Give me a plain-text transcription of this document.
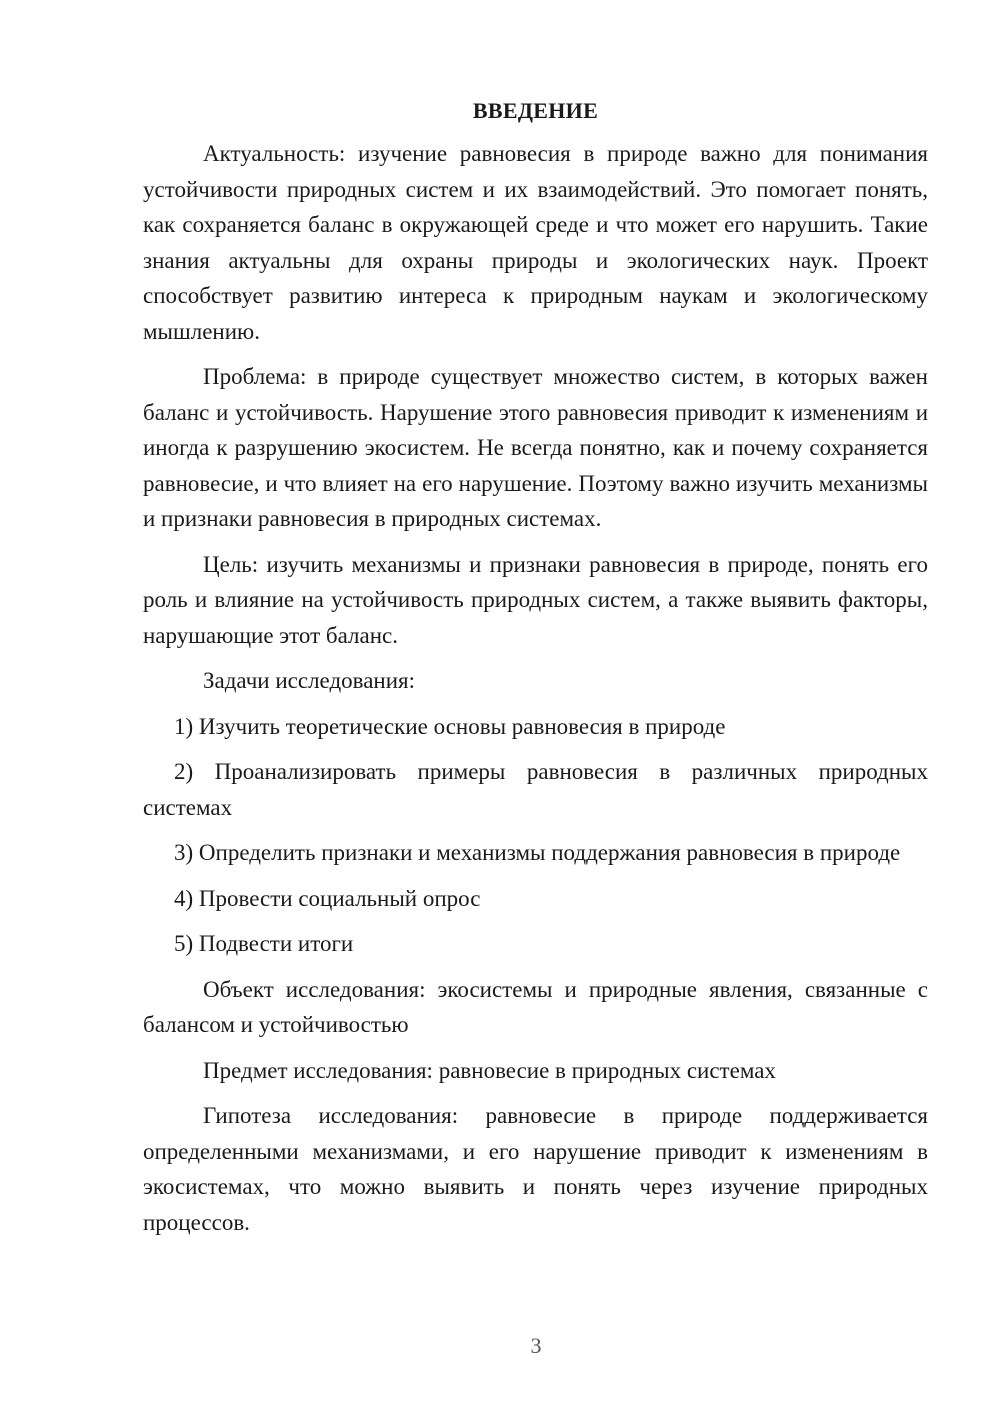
ВВЕДЕНИЕ

Актуальность: изучение равновесия в природе важно для понимания устойчивости природных систем и их взаимодействий. Это помогает понять, как сохраняется баланс в окружающей среде и что может его нарушить. Такие знания актуальны для охраны природы и экологических наук. Проект способствует развитию интереса к природным наукам и экологическому мышлению.

Проблема: в природе существует множество систем, в которых важен баланс и устойчивость. Нарушение этого равновесия приводит к изменениям и иногда к разрушению экосистем. Не всегда понятно, как и почему сохраняется равновесие, и что влияет на его нарушение. Поэтому важно изучить механизмы и признаки равновесия в природных системах.

Цель: изучить механизмы и признаки равновесия в природе, понять его роль и влияние на устойчивость природных систем, а также выявить факторы, нарушающие этот баланс.

Задачи исследования:

1) Изучить теоретические основы равновесия в природе

2) Проанализировать примеры равновесия в различных природных системах

3) Определить признаки и механизмы поддержания равновесия в природе

4) Провести социальный опрос

5) Подвести итоги

Объект исследования: экосистемы и природные явления, связанные с балансом и устойчивостью

Предмет исследования: равновесие в природных системах

Гипотеза исследования: равновесие в природе поддерживается определенными механизмами, и его нарушение приводит к изменениям в экосистемах, что можно выявить и понять через изучение природных процессов.

3
